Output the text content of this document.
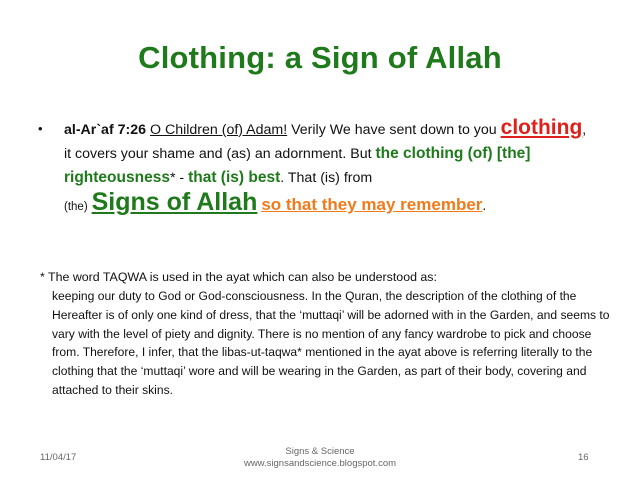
Clothing: a Sign of Allah
• al-Ar`af 7:26 O Children (of) Adam! Verily We have sent down to you clothing, it covers your shame and (as) an adornment. But the clothing (of) [the] righteousness* - that (is) best. That (is) from
(the) Signs of Allah so that they may remember.
* The word TAQWA is used in the ayat which can also be understood as:
keeping our duty to God or God-consciousness. In the Quran, the description of the clothing of the Hereafter is of only one kind of dress, that the ‘muttaqi’ will be adorned with in the Garden, and seems to vary with the level of piety and dignity. There is no mention of any fancy wardrobe to pick and choose from. Therefore, I infer, that the libas-ut-taqwa* mentioned in the ayat above is referring literally to the clothing that the ‘muttaqi’ wore and will be wearing in the Garden, as part of their body, covering and attached to their skins.
11/04/17
Signs & Science
www.signsandscience.blogspot.com
16
